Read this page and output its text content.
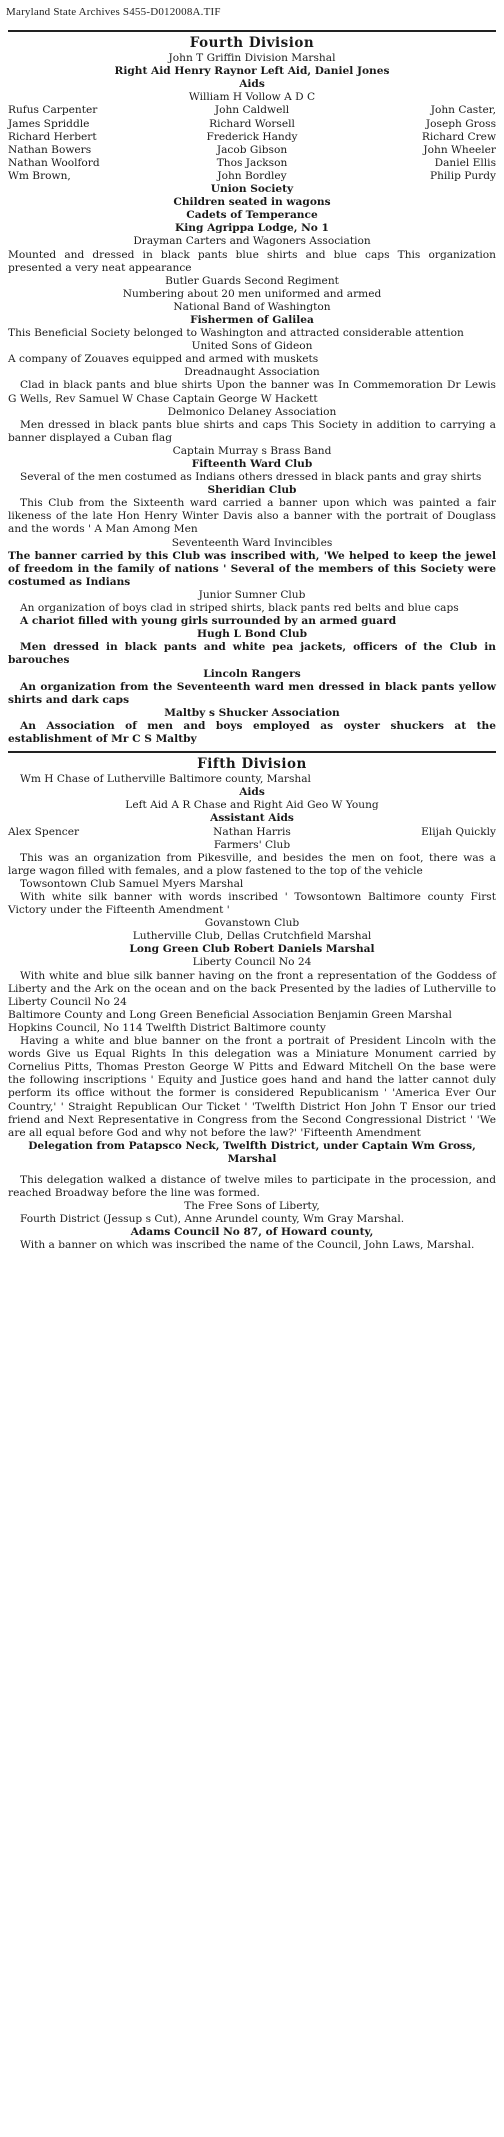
Maryland State Archives S455-D012008A.TIF
Fourth Division

John T Griffin Division Marshal

Right Aid Henry Raynor Left Aid, Daniel Jones

Aids

William H Vollow A D C

Rufus Carpenter	John Caldwell	John Caster,
James Spriddle	Richard Worsell	Joseph Gross
Richard Herbert	Frederick Handy	Richard Crew
Nathan Bowers	Jacob Gibson	John Wheeler
Nathan Woolford	Thos Jackson	Daniel Ellis
Wm Brown,	John Bordley	Philip Purdy

Union Society

Children seated in wagons

Cadets of Temperance

King Agrippa Lodge, No 1

Drayman Carters and Wagoners Association

Mounted and dressed in black pants blue shirts and blue caps This organization presented a very neat appearance

Butler Guards Second Regiment

Numbering about 20 men uniformed and armed

National Band of Washington

Fishermen of Galilea

This Beneficial Society belonged to Washington and attracted considerable attention

United Sons of Gideon

A company of Zouaves equipped and armed with muskets

Dreadnaught Association

Clad in black pants and blue shirts Upon the banner was In Commemoration Dr Lewis G Wells, Rev Samuel W Chase Captain George W Hackett

Delmonico Delaney Association

Men dressed in black pants blue shirts and caps This Society in addition to carrying a banner displayed a Cuban flag

Captain Murray s Brass Band

Fifteenth Ward Club

Several of the men costumed as Indians others dressed in black pants and gray shirts

Sheridian Club

This Club from the Sixteenth ward carried a banner upon which was painted a fair likeness of the late Hon Henry Winter Davis also a banner with the portrait of Douglass and the words ' A Man Among Men

Seventeenth Ward Invincibles

The banner carried by this Club was inscribed with, 'We helped to keep the jewel of freedom in the family of nations ' Several of the members of this Society were costumed as Indians

Junior Sumner Club

An organization of boys clad in striped shirts, black pants red belts and blue caps

A chariot filled with young girls surrounded by an armed guard

Hugh L Bond Club

Men dressed in black pants and white pea jackets, officers of the Club in barouches

Lincoln Rangers

An organization from the Seventeenth ward men dressed in black pants yellow shirts and dark caps

Maltby s Shucker Association

An Association of men and boys employed as oyster shuckers at the establishment of Mr C S Maltby

Fifth Division

Wm H Chase of Lutherville Baltimore county, Marshal

Aids

Left Aid A R Chase and Right Aid Geo W Young

Assistant Aids

Alex Spencer	Nathan Harris	Elijah Quickly

Farmers' Club

This was an organization from Pikesville, and besides the men on foot, there was a large wagon filled with females, and a plow fastened to the top of the vehicle

Towsontown Club Samuel Myers Marshal

With white silk banner with words inscribed ' Towsontown Baltimore county First Victory under the Fifteenth Amendment '

Govanstown Club

Lutherville Club, Dellas Crutchfield Marshal

Long Green Club Robert Daniels Marshal

Liberty Council No 24

With white and blue silk banner having on the front a representation of the Goddess of Liberty and the Ark on the ocean and on the back Presented by the ladies of Lutherville to Liberty Council No 24

Baltimore County and Long Green Beneficial Association Benjamin Green Marshal

Hopkins Council, No 114 Twelfth District Baltimore county

Having a white and blue banner on the front a portrait of President Lincoln with the words Give us Equal Rights In this delegation was a Miniature Monument carried by Cornelius Pitts, Thomas Preston George W Pitts and Edward Mitchell On the base were the following inscriptions ' Equity and Justice goes hand and hand the latter cannot duly perform its office without the former is considered Republicanism ' 'America Ever Our Country,' ' Straight Republican Our Ticket ' 'Twelfth District Hon John T Ensor our tried friend and Next Representative in Congress from the Second Congressional District ' 'We are all equal before God and why not before the law?' 'Fifteenth Amendment

Delegation from Patapsco Neck, Twelfth District, under Captain Wm Gross, Marshal

This delegation walked a distance of twelve miles to participate in the procession, and reached Broadway before the line was formed.

The Free Sons of Liberty,

Fourth District (Jessup s Cut), Anne Arundel county, Wm Gray Marshal.

Adams Council No 87, of Howard county,

With a banner on which was inscribed the name of the Council, John Laws, Marshal.
